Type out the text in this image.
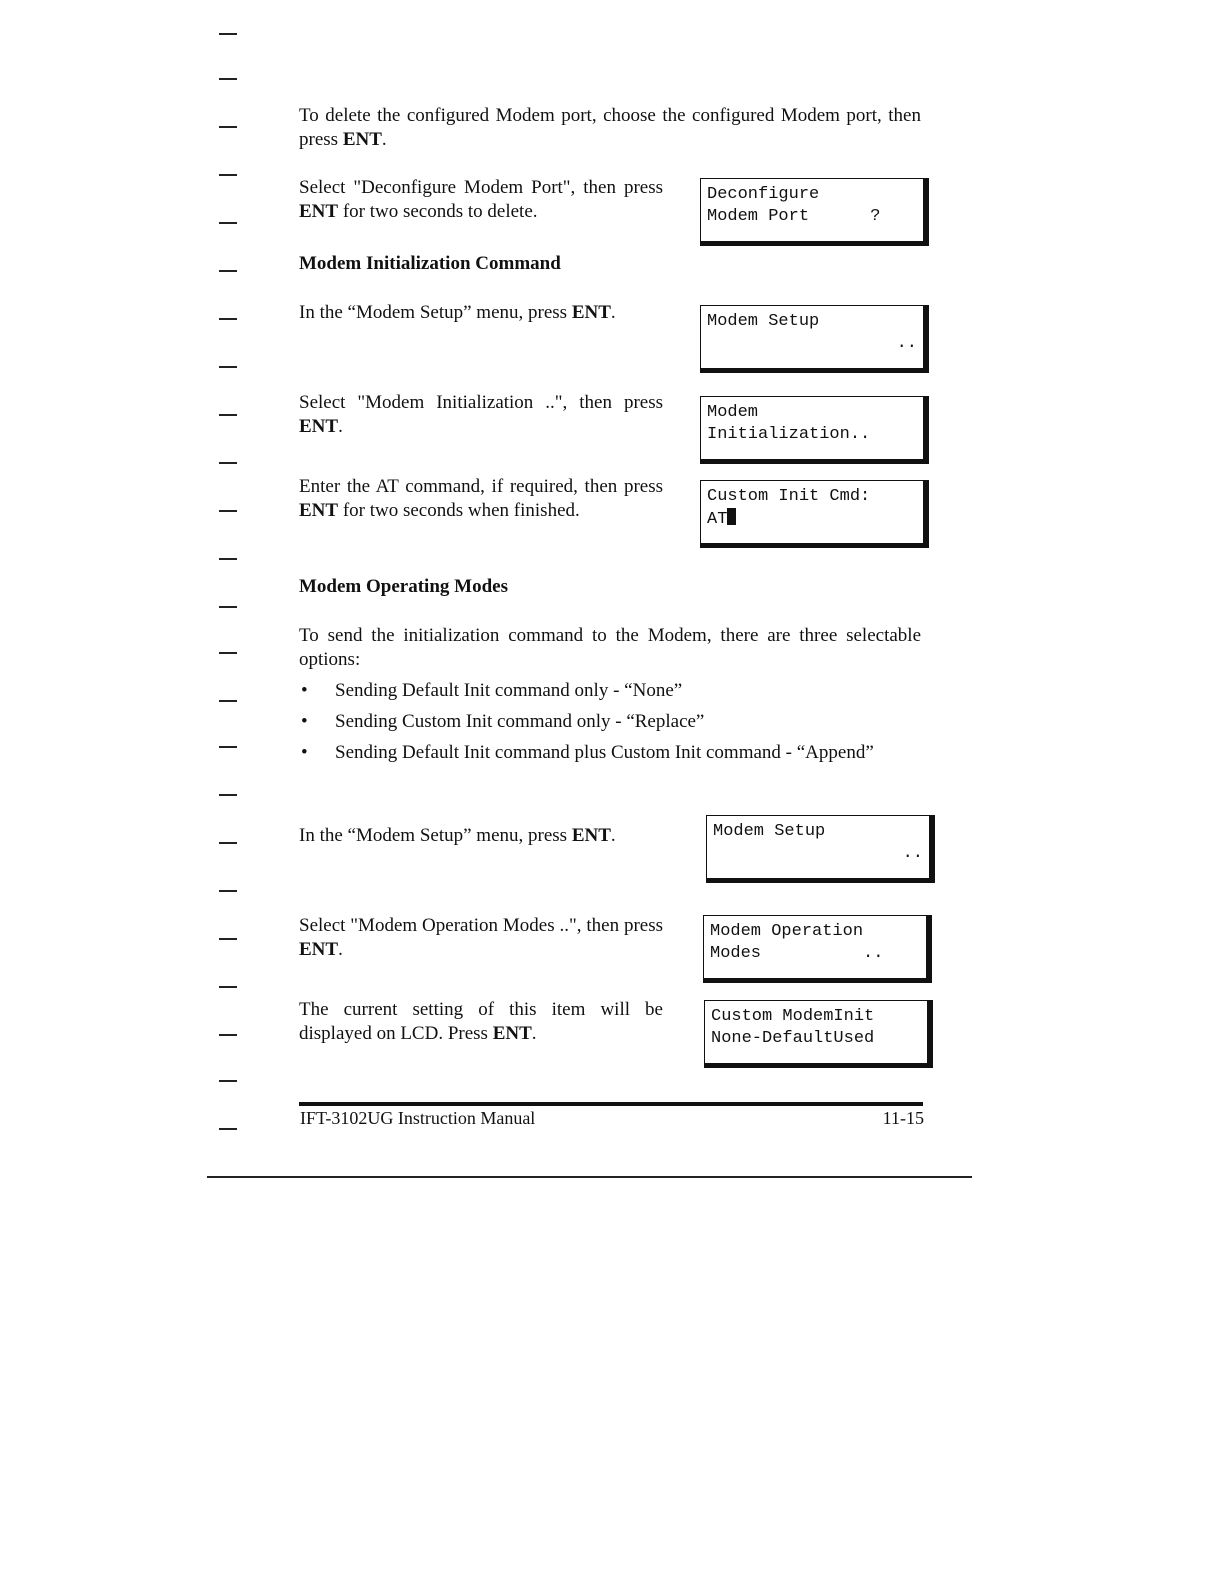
To delete the configured Modem port, choose the configured Modem port, then press ENT.

Select "Deconfigure Modem Port", then press ENT for two seconds to delete.

Deconfigure
Modem Port      ?
Modem Initialization Command

In the “Modem Setup” menu, press ENT.	Modem Setup
..

Select "Modem Initialization ..", then press ENT.

Modem
Initialization..

Enter the AT command, if required, then press ENT for two seconds when finished.

Custom Init Cmd:
AT
Modem Operating Modes

To send the initialization command to the Modem, there are three selectable options:

• Sending Default Init command only - “None”
• Sending Custom Init command only - “Replace”
• Sending Default Init command plus Custom Init command - “Append”

In the “Modem Setup” menu, press ENT.	Modem Setup
..

Select "Modem Operation Modes ..", then press ENT.

Modem Operation
Modes          ..

The current setting of this item will be displayed on LCD. Press ENT.

Custom ModemInit
None-DefaultUsed
IFT-3102UG Instruction Manual	11-15
